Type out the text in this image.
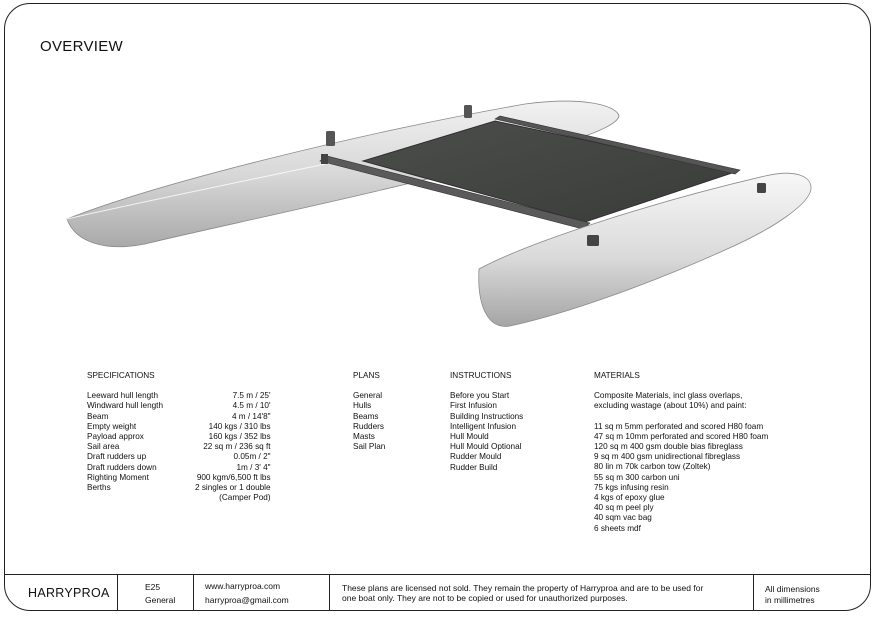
OVERVIEW
SPECIFICATIONS
Leeward hull length	7.5 m / 25'
Windward hull length	4.5 m / 10'
Beam	4 m / 14'8"
Empty weight	140 kgs / 310 lbs
Payload approx	160 kgs / 352 lbs
Sail area	22 sq m / 236 sq ft
Draft rudders up	0.05m / 2"
Draft rudders down	1m / 3' 4"
Righting Moment	900 kgm/6,500 ft lbs
Berths	2 singles or 1 double
	(Camper Pod)
PLANS
General
Hulls
Beams
Rudders
Masts
Sail Plan
INSTRUCTIONS
Before you Start
First Infusion
Building Instructions
Intelligent Infusion
Hull Mould
Hull Mould Optional
Rudder Mould
Rudder Build
MATERIALS
Composite Materials, incl glass overlaps,
excluding wastage (about 10%) and paint:
11 sq m 5mm perforated and scored H80 foam
47 sq m 10mm perforated and scored H80 foam
120 sq m 400 gsm double bias fibreglass
9 sq m 400 gsm unidirectional fibreglass
80 lin m 70k carbon tow (Zoltek)
55 sq m 300 carbon uni
75 kgs infusing resin
4 kgs of epoxy glue
40 sq m peel ply
40 sqm vac bag
6 sheets mdf
HARRYPROA	E25
General
www.harryproa.com
harryproa@gmail.com
These plans are licensed not sold. They remain the property of Harryproa and are to be used for
one boat only. They are not to be copied or used for unauthorized purposes.
All dimensions
in millimetres
